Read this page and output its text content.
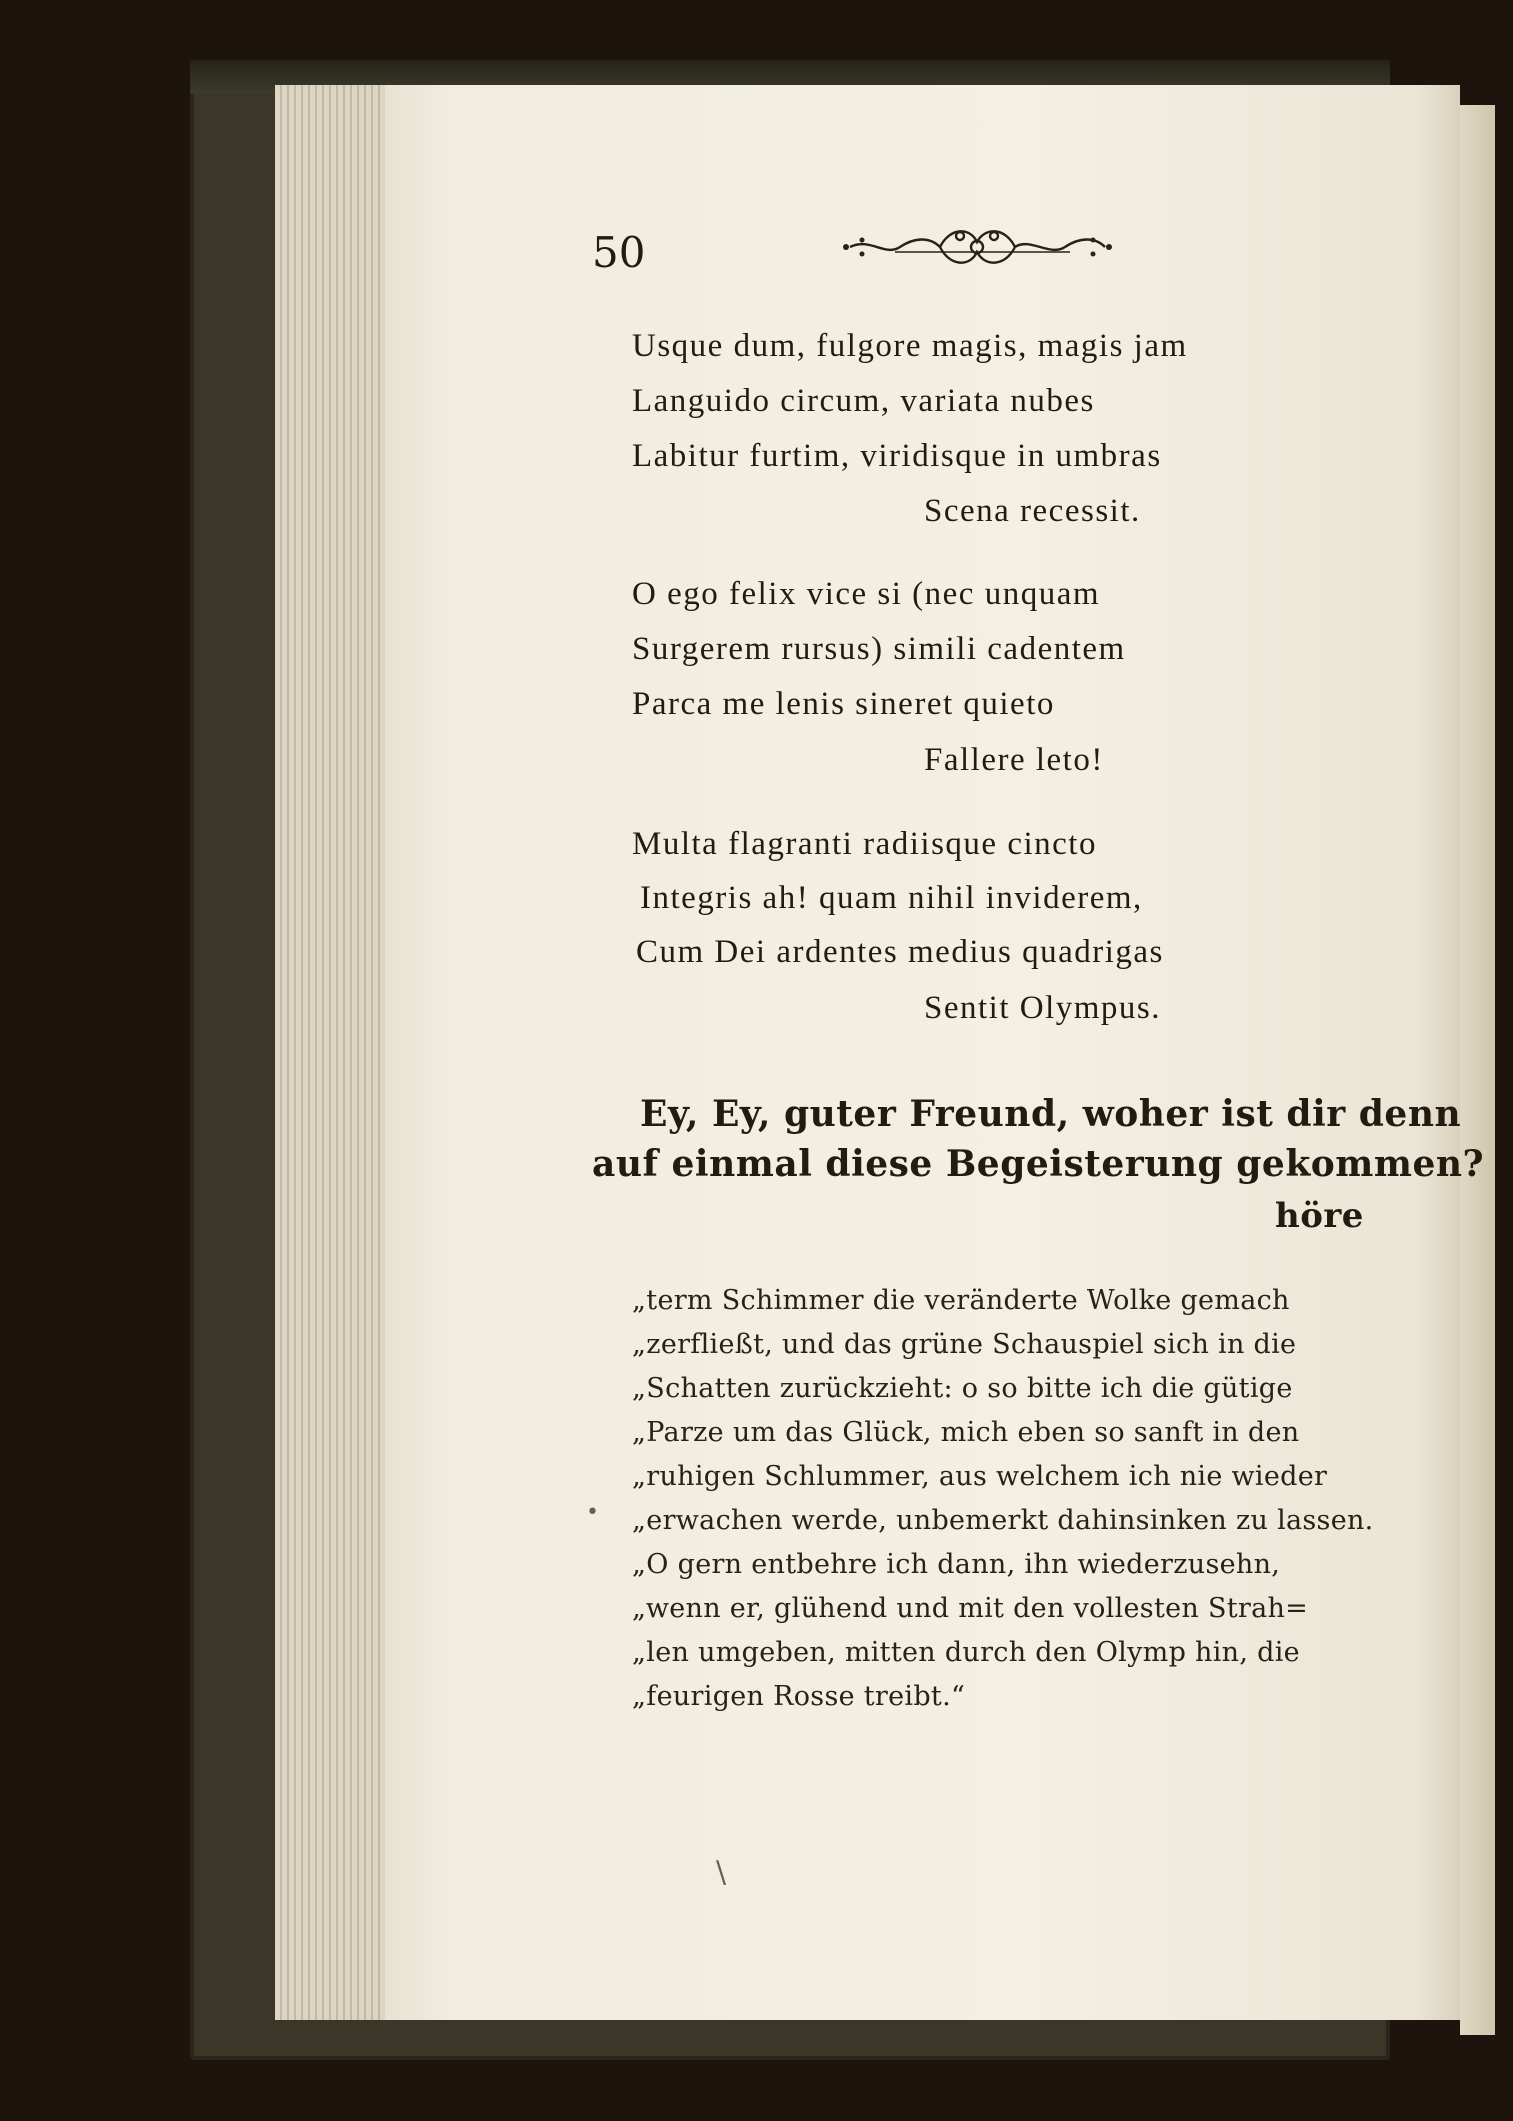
50
Usque dum, fulgore magis, magis jam
Languido circum, variata nubes
Labitur furtim, viridisque in umbras
Scena recessit.
O ego felix vice si (nec unquam
Surgerem rursus) simili cadentem
Parca me lenis sineret quieto
Fallere leto!
Multa flagranti radiisque cincto
Integris ah! quam nihil inviderem,
Cum Dei ardentes medius quadrigas
Sentit Olympus.
Ey, Ey, guter Freund, woher ist dir denn
auf einmal diese Begeisterung gekommen?
höre
„term Schimmer die veränderte Wolke gemach
„zerfließt, und das grüne Schauspiel sich in die
„Schatten zurückzieht: o so bitte ich die gütige
„Parze um das Glück, mich eben so sanft in den
„ruhigen Schlummer, aus welchem ich nie wieder
„erwachen werde, unbemerkt dahinsinken zu lassen.
„O gern entbehre ich dann, ihn wiederzusehn,
„wenn er, glühend und mit den vollesten Strah=
„len umgeben, mitten durch den Olymp hin, die
„feurigen Rosse treibt.“
\
•
